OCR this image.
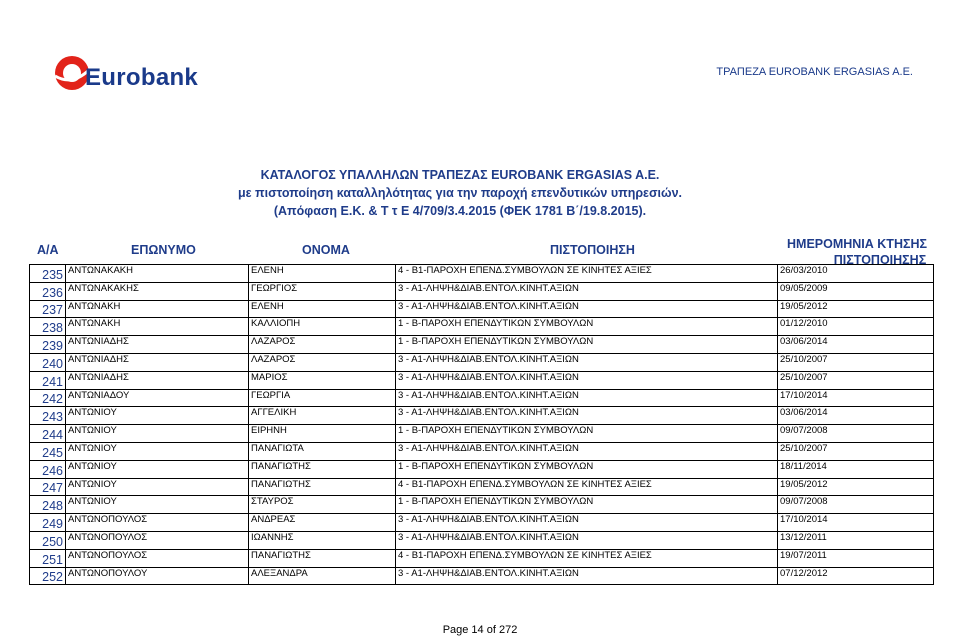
Eurobank	ΤΡΑΠΕΖΑ EUROBANK ERGASIAS A.E.
ΚΑΤΑΛΟΓΟΣ ΥΠΑΛΛΗΛΩΝ ΤΡΑΠΕΖΑΣ EUROBANK ERGASIAS A.E.
με πιστοποίηση καταλληλότητας για την παροχή επενδυτικών υπηρεσιών.
(Απόφαση Ε.Κ. & Τ τ Ε 4/709/3.4.2015 (ΦΕΚ 1781 Β΄/19.8.2015).
Α/Α	ΕΠΩΝΥΜΟ	ΟΝΟΜΑ	ΠΙΣΤΟΠΟΙΗΣΗ	ΗΜΕΡΟΜΗΝΙΑ ΚΤΗΣΗΣ
ΠΙΣΤΟΠΟΙΗΣΗΣ
235	ΑΝΤΩΝΑΚΑΚΗ	ΕΛΕΝΗ	4 - Β1-ΠΑΡΟΧΗ ΕΠΕΝΔ.ΣΥΜΒΟΥΛΩΝ ΣΕ ΚΙΝΗΤΕΣ ΑΞΙΕΣ	26/03/2010
236	ΑΝΤΩΝΑΚΑΚΗΣ	ΓΕΩΡΓΙΟΣ	3 - Α1-ΛΗΨΗ&ΔΙΑΒ.ΕΝΤΟΛ.ΚΙΝΗΤ.ΑΞΙΩΝ	09/05/2009
237	ΑΝΤΩΝΑΚΗ	ΕΛΕΝΗ	3 - Α1-ΛΗΨΗ&ΔΙΑΒ.ΕΝΤΟΛ.ΚΙΝΗΤ.ΑΞΙΩΝ	19/05/2012
238	ΑΝΤΩΝΑΚΗ	ΚΑΛΛΙΟΠΗ	1 - Β-ΠΑΡΟΧΗ ΕΠΕΝΔΥΤΙΚΩΝ ΣΥΜΒΟΥΛΩΝ	01/12/2010
239	ΑΝΤΩΝΙΑΔΗΣ	ΛΑΖΑΡΟΣ	1 - Β-ΠΑΡΟΧΗ ΕΠΕΝΔΥΤΙΚΩΝ ΣΥΜΒΟΥΛΩΝ	03/06/2014
240	ΑΝΤΩΝΙΑΔΗΣ	ΛΑΖΑΡΟΣ	3 - Α1-ΛΗΨΗ&ΔΙΑΒ.ΕΝΤΟΛ.ΚΙΝΗΤ.ΑΞΙΩΝ	25/10/2007
241	ΑΝΤΩΝΙΑΔΗΣ	ΜΑΡΙΟΣ	3 - Α1-ΛΗΨΗ&ΔΙΑΒ.ΕΝΤΟΛ.ΚΙΝΗΤ.ΑΞΙΩΝ	25/10/2007
242	ΑΝΤΩΝΙΑΔΟΥ	ΓΕΩΡΓΙΑ	3 - Α1-ΛΗΨΗ&ΔΙΑΒ.ΕΝΤΟΛ.ΚΙΝΗΤ.ΑΞΙΩΝ	17/10/2014
243	ΑΝΤΩΝΙΟΥ	ΑΓΓΕΛΙΚΗ	3 - Α1-ΛΗΨΗ&ΔΙΑΒ.ΕΝΤΟΛ.ΚΙΝΗΤ.ΑΞΙΩΝ	03/06/2014
244	ΑΝΤΩΝΙΟΥ	ΕΙΡΗΝΗ	1 - Β-ΠΑΡΟΧΗ ΕΠΕΝΔΥΤΙΚΩΝ ΣΥΜΒΟΥΛΩΝ	09/07/2008
245	ΑΝΤΩΝΙΟΥ	ΠΑΝΑΓΙΩΤΑ	3 - Α1-ΛΗΨΗ&ΔΙΑΒ.ΕΝΤΟΛ.ΚΙΝΗΤ.ΑΞΙΩΝ	25/10/2007
246	ΑΝΤΩΝΙΟΥ	ΠΑΝΑΓΙΩΤΗΣ	1 - Β-ΠΑΡΟΧΗ ΕΠΕΝΔΥΤΙΚΩΝ ΣΥΜΒΟΥΛΩΝ	18/11/2014
247	ΑΝΤΩΝΙΟΥ	ΠΑΝΑΓΙΩΤΗΣ	4 - Β1-ΠΑΡΟΧΗ ΕΠΕΝΔ.ΣΥΜΒΟΥΛΩΝ ΣΕ ΚΙΝΗΤΕΣ ΑΞΙΕΣ	19/05/2012
248	ΑΝΤΩΝΙΟΥ	ΣΤΑΥΡΟΣ	1 - Β-ΠΑΡΟΧΗ ΕΠΕΝΔΥΤΙΚΩΝ ΣΥΜΒΟΥΛΩΝ	09/07/2008
249	ΑΝΤΩΝΟΠΟΥΛΟΣ	ΑΝΔΡΕΑΣ	3 - Α1-ΛΗΨΗ&ΔΙΑΒ.ΕΝΤΟΛ.ΚΙΝΗΤ.ΑΞΙΩΝ	17/10/2014
250	ΑΝΤΩΝΟΠΟΥΛΟΣ	ΙΩΑΝΝΗΣ	3 - Α1-ΛΗΨΗ&ΔΙΑΒ.ΕΝΤΟΛ.ΚΙΝΗΤ.ΑΞΙΩΝ	13/12/2011
251	ΑΝΤΩΝΟΠΟΥΛΟΣ	ΠΑΝΑΓΙΩΤΗΣ	4 - Β1-ΠΑΡΟΧΗ ΕΠΕΝΔ.ΣΥΜΒΟΥΛΩΝ ΣΕ ΚΙΝΗΤΕΣ ΑΞΙΕΣ	19/07/2011
252	ΑΝΤΩΝΟΠΟΥΛΟΥ	ΑΛΕΞΑΝΔΡΑ	3 - Α1-ΛΗΨΗ&ΔΙΑΒ.ΕΝΤΟΛ.ΚΙΝΗΤ.ΑΞΙΩΝ	07/12/2012
Page 14 of 272
